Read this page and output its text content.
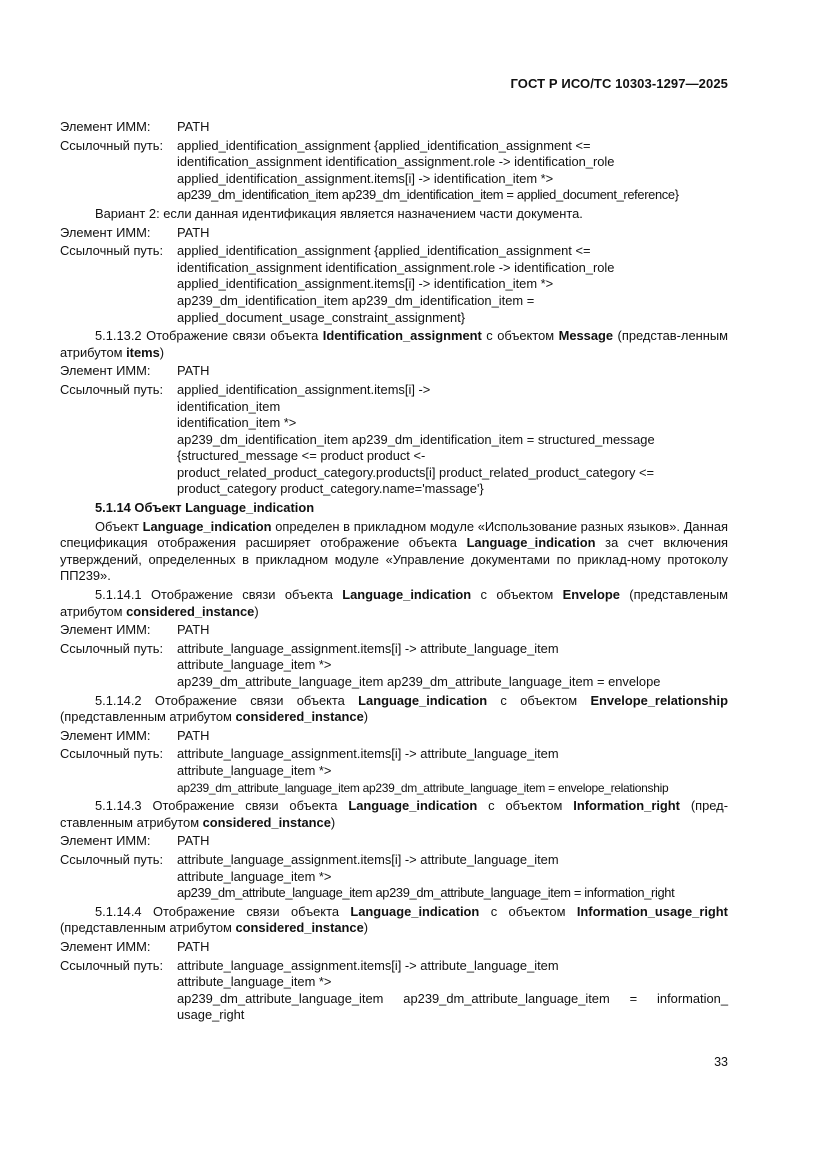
ГОСТ Р ИСО/ТС 10303-1297—2025
Элемент ИММ:	PATH
Ссылочный путь:	applied_identification_assignment {applied_identification_assignment <=
identification_assignment identification_assignment.role -> identification_role
applied_identification_assignment.items[i] -> identification_item *>
ap239_dm_identification_item ap239_dm_identification_item = applied_document_reference}
Вариант 2: если данная идентификация является назначением части документа.
Элемент ИММ:	PATH
Ссылочный путь:	applied_identification_assignment {applied_identification_assignment <=
identification_assignment identification_assignment.role -> identification_role
applied_identification_assignment.items[i] -> identification_item *>
ap239_dm_identification_item ap239_dm_identification_item =
applied_document_usage_constraint_assignment}
5.1.13.2 Отображение связи объекта Identification_assignment с объектом Message (представ-ленным атрибутом items)
Элемент ИММ:	PATH
Ссылочный путь:	applied_identification_assignment.items[i] ->
identification_item
identification_item *>
ap239_dm_identification_item ap239_dm_identification_item = structured_message
{structured_message <= product product <-
product_related_product_category.products[i] product_related_product_category <=
product_category product_category.name='massage'}
5.1.14 Объект Language_indication
Объект Language_indication определен в прикладном модуле «Использование разных языков». Данная спецификация отображения расширяет отображение объекта Language_indication за счет включения утверждений, определенных в прикладном модуле «Управление документами по приклад-ному протоколу ПП239».
5.1.14.1 Отображение связи объекта Language_indication с объектом Envelope (представленым атрибутом considered_instance)
Элемент ИММ:	PATH
Ссылочный путь:	attribute_language_assignment.items[i] -> attribute_language_item
attribute_language_item *>
ap239_dm_attribute_language_item ap239_dm_attribute_language_item = envelope
5.1.14.2 Отображение связи объекта Language_indication с объектом Envelope_relationship (представленным атрибутом considered_instance)
Элемент ИММ:	PATH
Ссылочный путь:	attribute_language_assignment.items[i] -> attribute_language_item
attribute_language_item *>
ap239_dm_attribute_language_item ap239_dm_attribute_language_item = envelope_relationship
5.1.14.3 Отображение связи объекта Language_indication с объектом Information_right (пред-ставленным атрибутом considered_instance)
Элемент ИММ:	PATH
Ссылочный путь:	attribute_language_assignment.items[i] -> attribute_language_item
attribute_language_item *>
ap239_dm_attribute_language_item ap239_dm_attribute_language_item = information_right
5.1.14.4 Отображение связи объекта Language_indication с объектом Information_usage_right (представленным атрибутом considered_instance)
Элемент ИММ:	PATH
Ссылочный путь:	attribute_language_assignment.items[i] -> attribute_language_item
attribute_language_item *>
ap239_dm_attribute_language_item ap239_dm_attribute_language_item = information_
usage_right
33
